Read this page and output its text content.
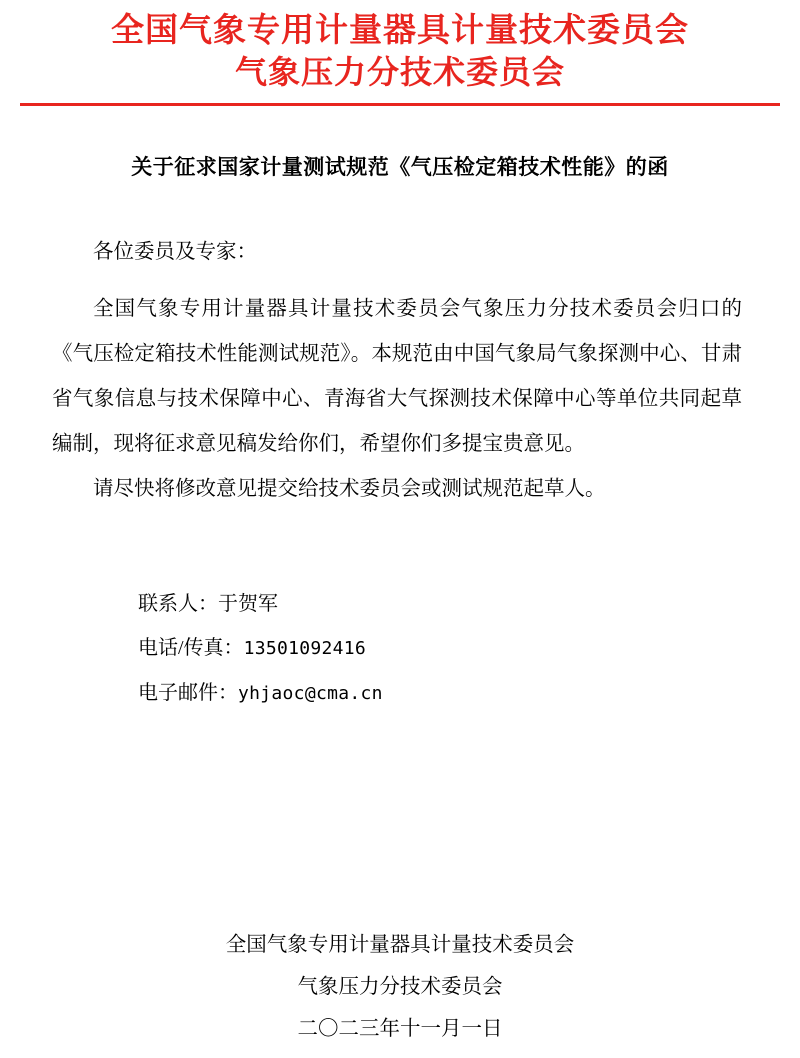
全国气象专用计量器具计量技术委员会
气象压力分技术委员会
关于征求国家计量测试规范《气压检定箱技术性能》的函
各位委员及专家：
全国气象专用计量器具计量技术委员会气象压力分技术委员会归口的《气压检定箱技术性能测试规范》。本规范由中国气象局气象探测中心、甘肃省气象信息与技术保障中心、青海省大气探测技术保障中心等单位共同起草编制，现将征求意见稿发给你们，希望你们多提宝贵意见。
请尽快将修改意见提交给技术委员会或测试规范起草人。
联系人：于贺军
电话/传真：13501092416
电子邮件：yhjaoc@cma.cn
全国气象专用计量器具计量技术委员会
气象压力分技术委员会
二〇二三年十一月一日
